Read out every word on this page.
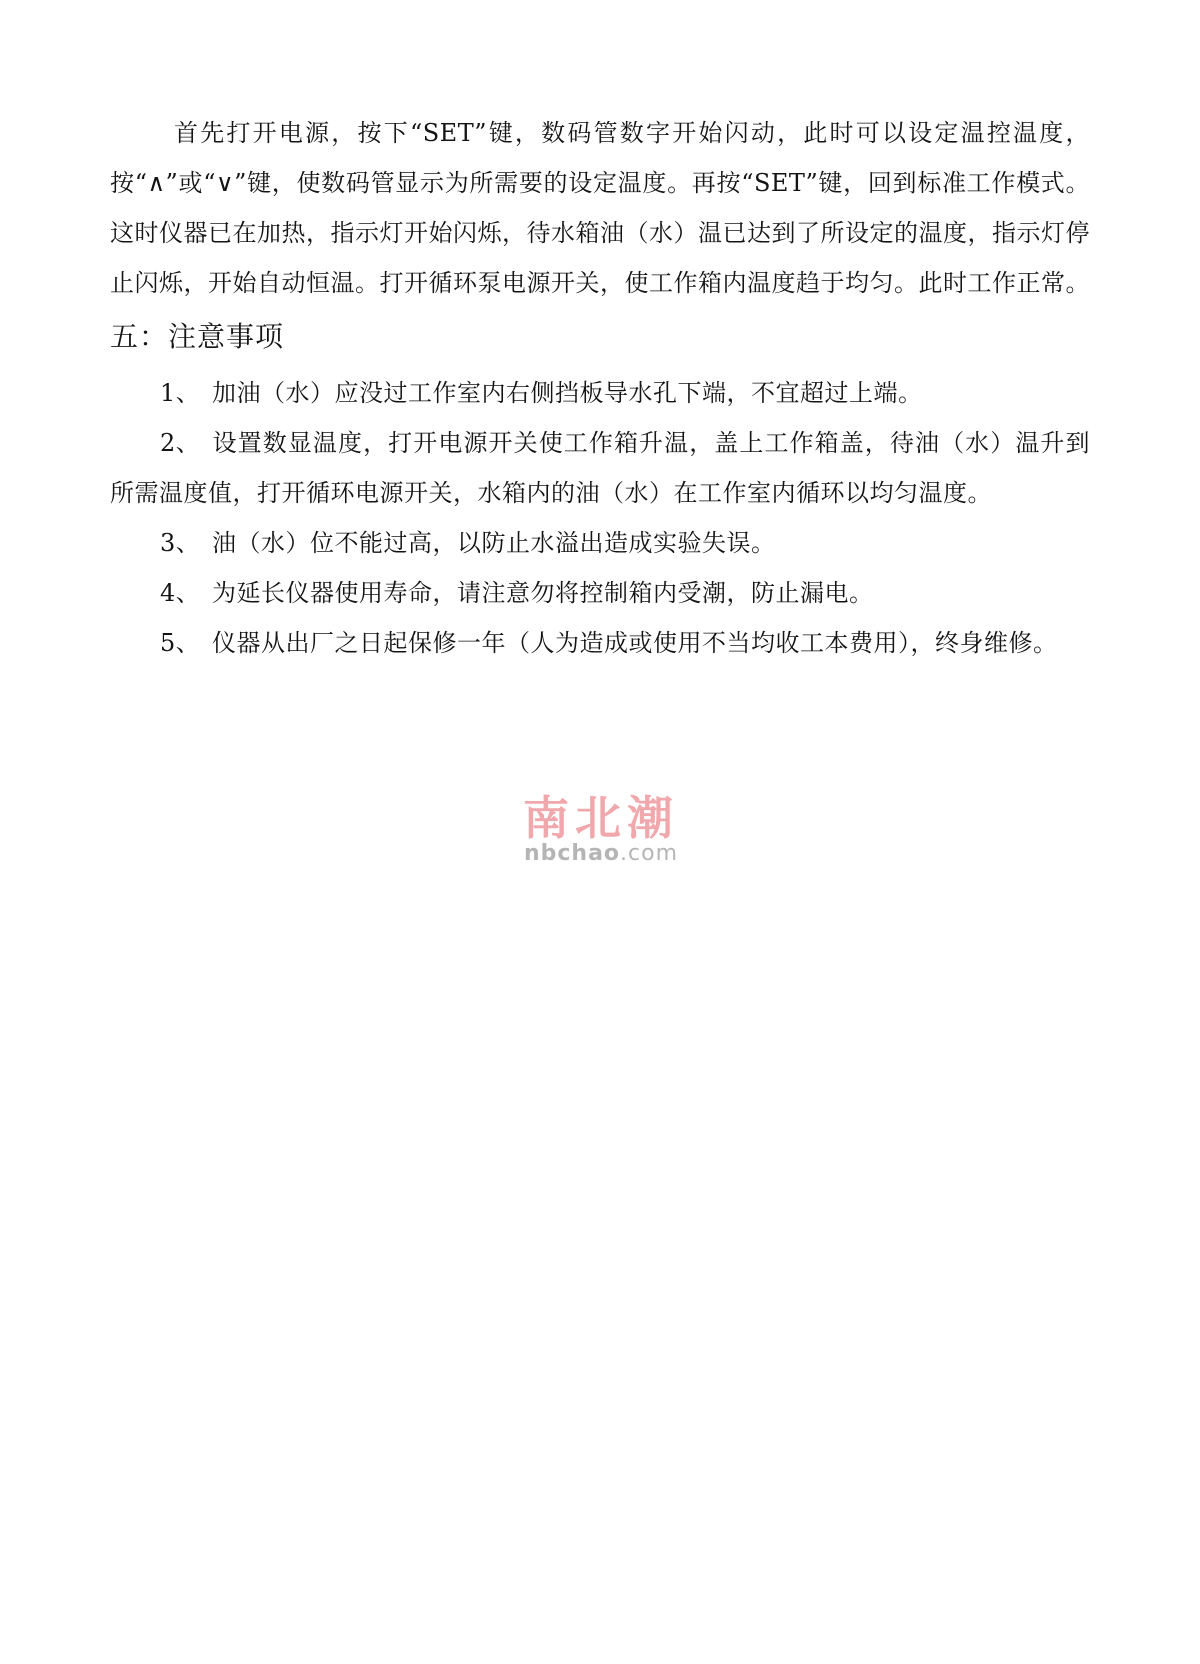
首先打开电源，按下“SET”键，数码管数字开始闪动，此时可以设定温控温度，按“∧”或“∨”键，使数码管显示为所需要的设定温度。再按“SET”键，回到标准工作模式。这时仪器已在加热，指示灯开始闪烁，待水箱油（水）温已达到了所设定的温度，指示灯停止闪烁，开始自动恒温。打开循环泵电源开关，使工作箱内温度趋于均匀。此时工作正常。

五：注意事项
1、 加油（水）应没过工作室内右侧挡板导水孔下端，不宜超过上端。
2、 设置数显温度，打开电源开关使工作箱升温，盖上工作箱盖，待油（水）温升到所需温度值，打开循环电源开关，水箱内的油（水）在工作室内循环以均匀温度。
3、 油（水）位不能过高，以防止水溢出造成实验失误。
4、 为延长仪器使用寿命，请注意勿将控制箱内受潮，防止漏电。
5、 仪器从出厂之日起保修一年（人为造成或使用不当均收工本费用），终身维修。
南北潮
nbchao.com
